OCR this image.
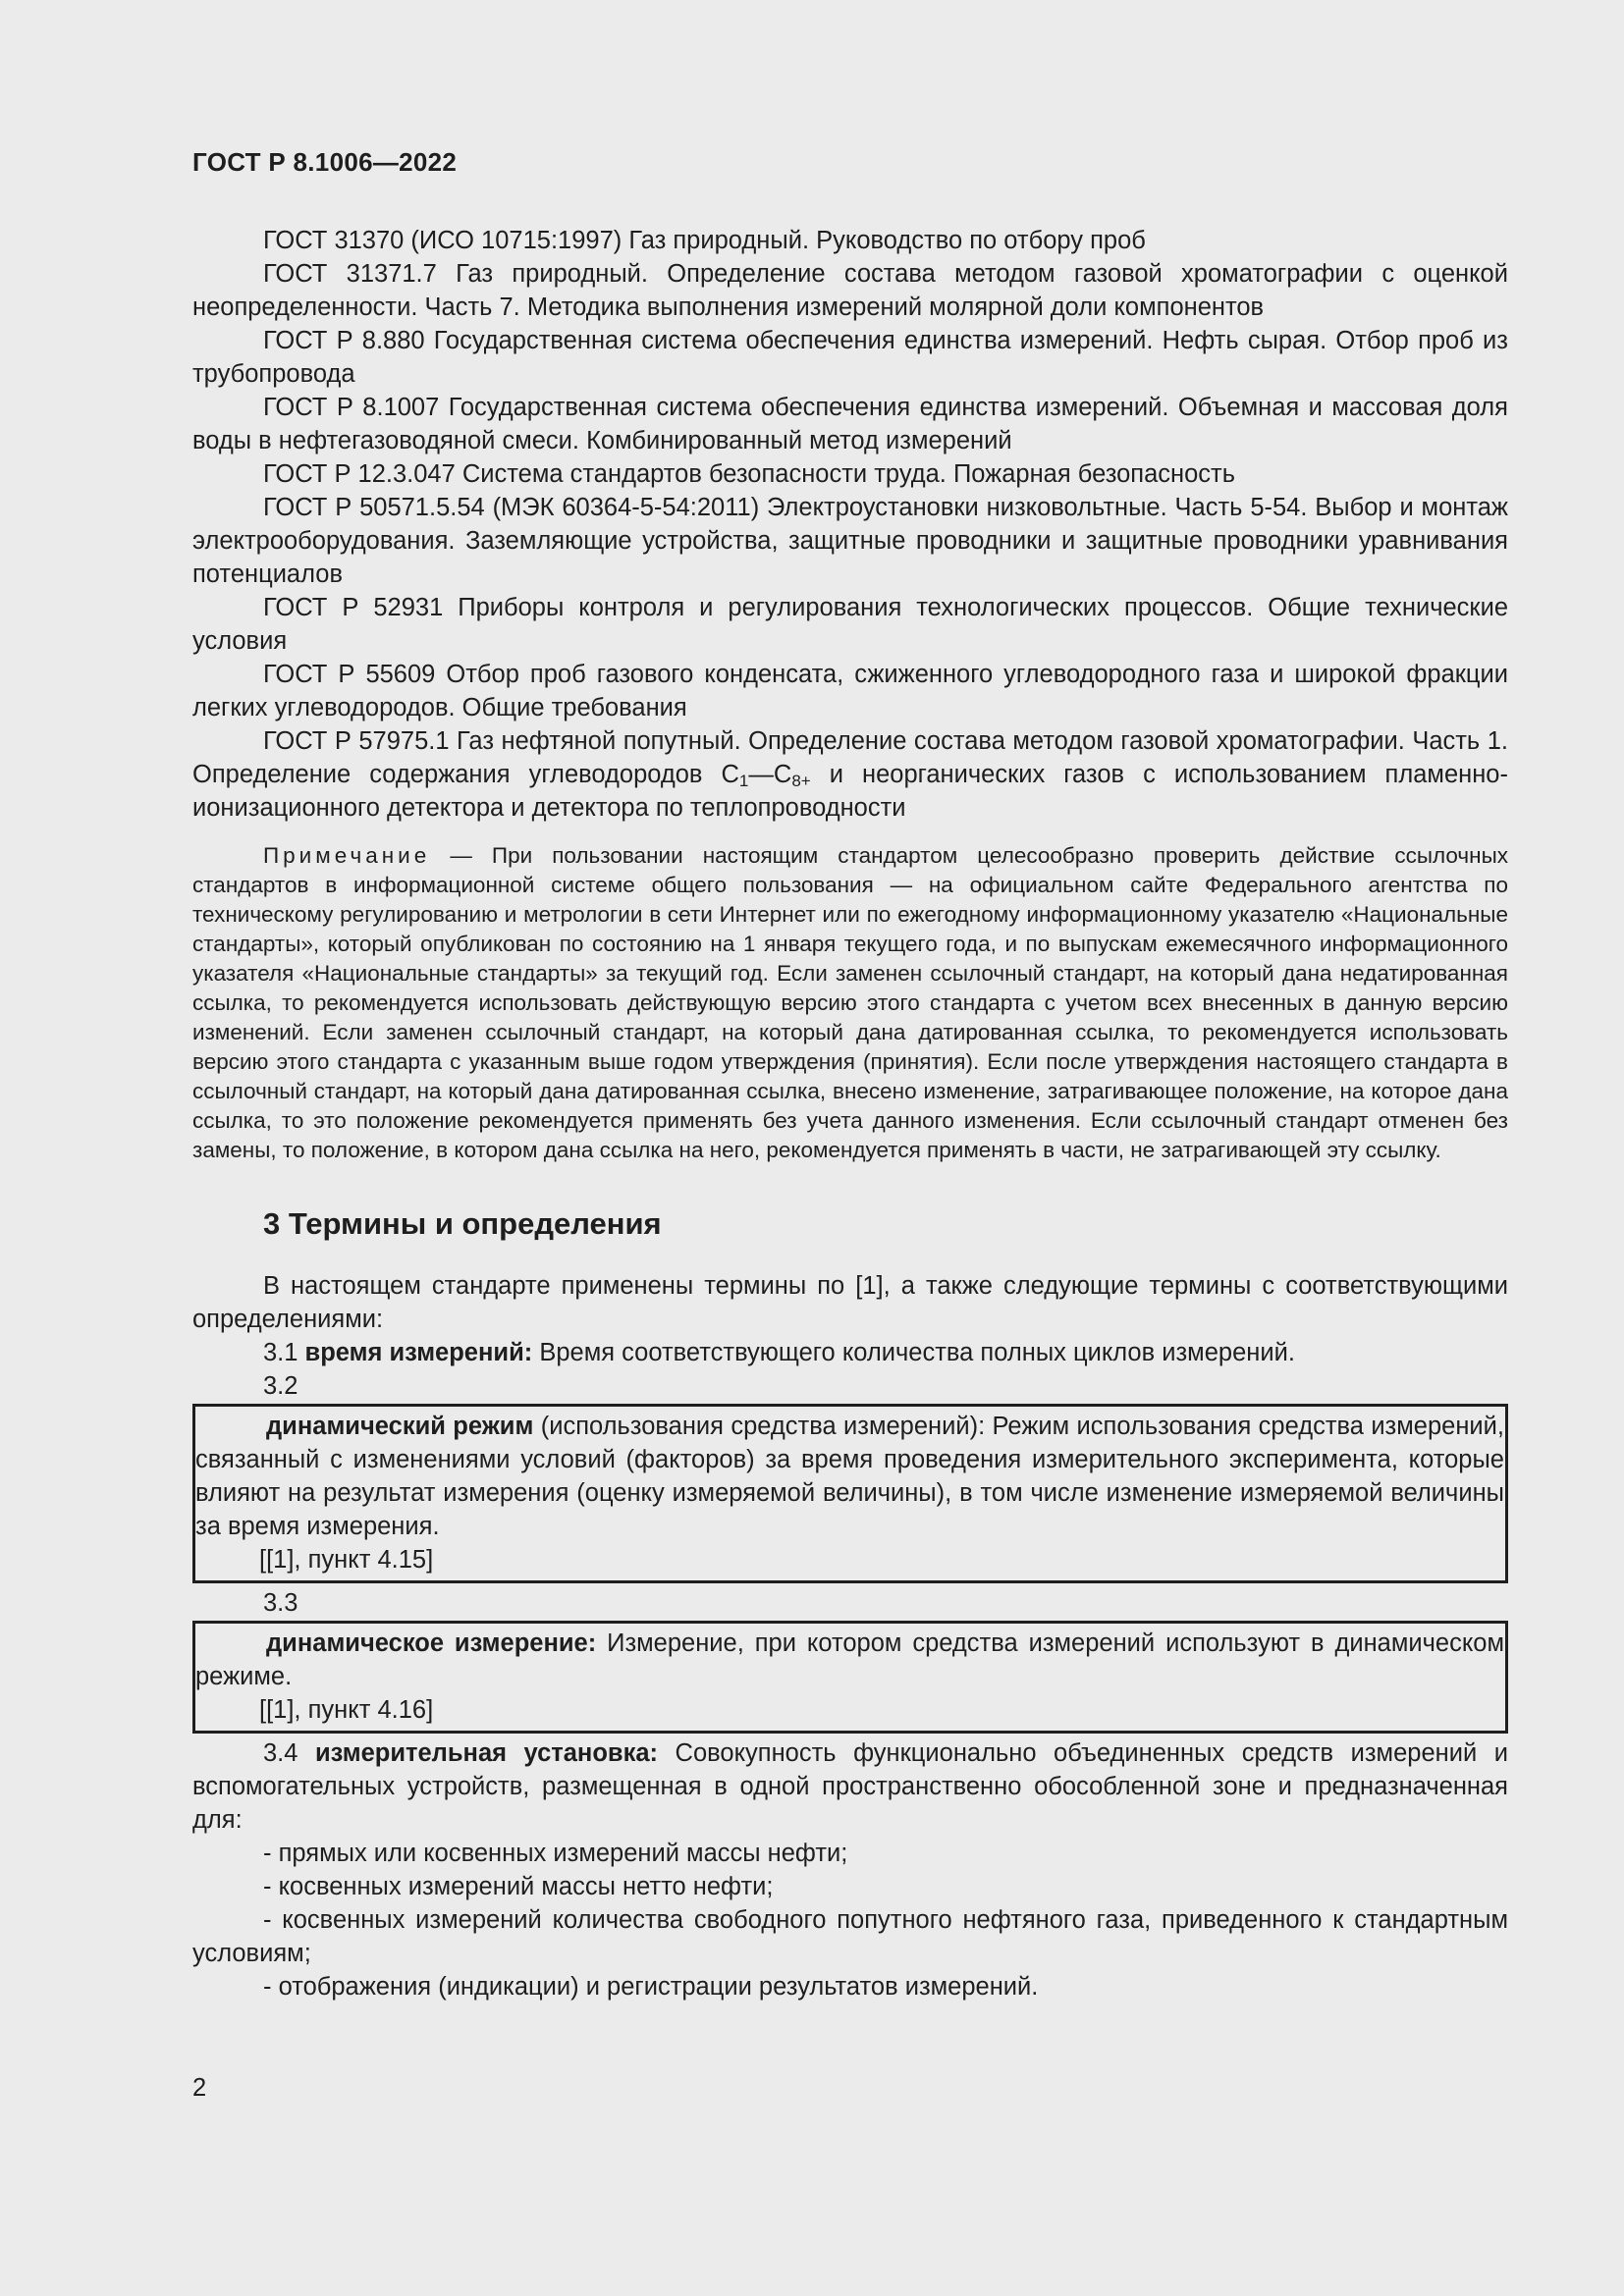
ГОСТ Р 8.1006—2022

ГОСТ 31370 (ИСО 10715:1997) Газ природный. Руководство по отбору проб

ГОСТ 31371.7 Газ природный. Определение состава методом газовой хроматографии с оценкой неопределенности. Часть 7. Методика выполнения измерений молярной доли компонентов

ГОСТ Р 8.880 Государственная система обеспечения единства измерений. Нефть сырая. Отбор проб из трубопровода

ГОСТ Р 8.1007 Государственная система обеспечения единства измерений. Объемная и массовая доля воды в нефтегазоводяной смеси. Комбинированный метод измерений

ГОСТ Р 12.3.047 Система стандартов безопасности труда. Пожарная безопасность

ГОСТ Р 50571.5.54 (МЭК 60364-5-54:2011) Электроустановки низковольтные. Часть 5-54. Выбор и монтаж электрооборудования. Заземляющие устройства, защитные проводники и защитные проводники уравнивания потенциалов

ГОСТ Р 52931 Приборы контроля и регулирования технологических процессов. Общие технические условия

ГОСТ Р 55609 Отбор проб газового конденсата, сжиженного углеводородного газа и широкой фракции легких углеводородов. Общие требования

ГОСТ Р 57975.1 Газ нефтяной попутный. Определение состава методом газовой хроматографии. Часть 1. Определение содержания углеводородов $С_1—С_{8+}$ и неорганических газов с использованием пламенно-ионизационного детектора и детектора по теплопроводности

Примечание — При пользовании настоящим стандартом целесообразно проверить действие ссылочных стандартов в информационной системе общего пользования — на официальном сайте Федерального агентства по техническому регулированию и метрологии в сети Интернет или по ежегодному информационному указателю «Национальные стандарты», который опубликован по состоянию на 1 января текущего года, и по выпускам ежемесячного информационного указателя «Национальные стандарты» за текущий год. Если заменен ссылочный стандарт, на который дана недатированная ссылка, то рекомендуется использовать действующую версию этого стандарта с учетом всех внесенных в данную версию изменений. Если заменен ссылочный стандарт, на который дана датированная ссылка, то рекомендуется использовать версию этого стандарта с указанным выше годом утверждения (принятия). Если после утверждения настоящего стандарта в ссылочный стандарт, на который дана датированная ссылка, внесено изменение, затрагивающее положение, на которое дана ссылка, то это положение рекомендуется применять без учета данного изменения. Если ссылочный стандарт отменен без замены, то положение, в котором дана ссылка на него, рекомендуется применять в части, не затрагивающей эту ссылку.

3 Термины и определения

В настоящем стандарте применены термины по [1], а также следующие термины с соответствующими определениями:

3.1 время измерений: Время соответствующего количества полных циклов измерений.

3.2

динамический режим (использования средства измерений): Режим использования средства измерений, связанный с изменениями условий (факторов) за время проведения измерительного эксперимента, которые влияют на результат измерения (оценку измеряемой величины), в том числе изменение измеряемой величины за время измерения.

[[1], пункт 4.15]

3.3

динамическое измерение: Измерение, при котором средства измерений используют в динамическом режиме.

[[1], пункт 4.16]

3.4 измерительная установка: Совокупность функционально объединенных средств измерений и вспомогательных устройств, размещенная в одной пространственно обособленной зоне и предназначенная для:

- прямых или косвенных измерений массы нефти;

- косвенных измерений массы нетто нефти;

- косвенных измерений количества свободного попутного нефтяного газа, приведенного к стандартным условиям;

- отображения (индикации) и регистрации результатов измерений.

2
